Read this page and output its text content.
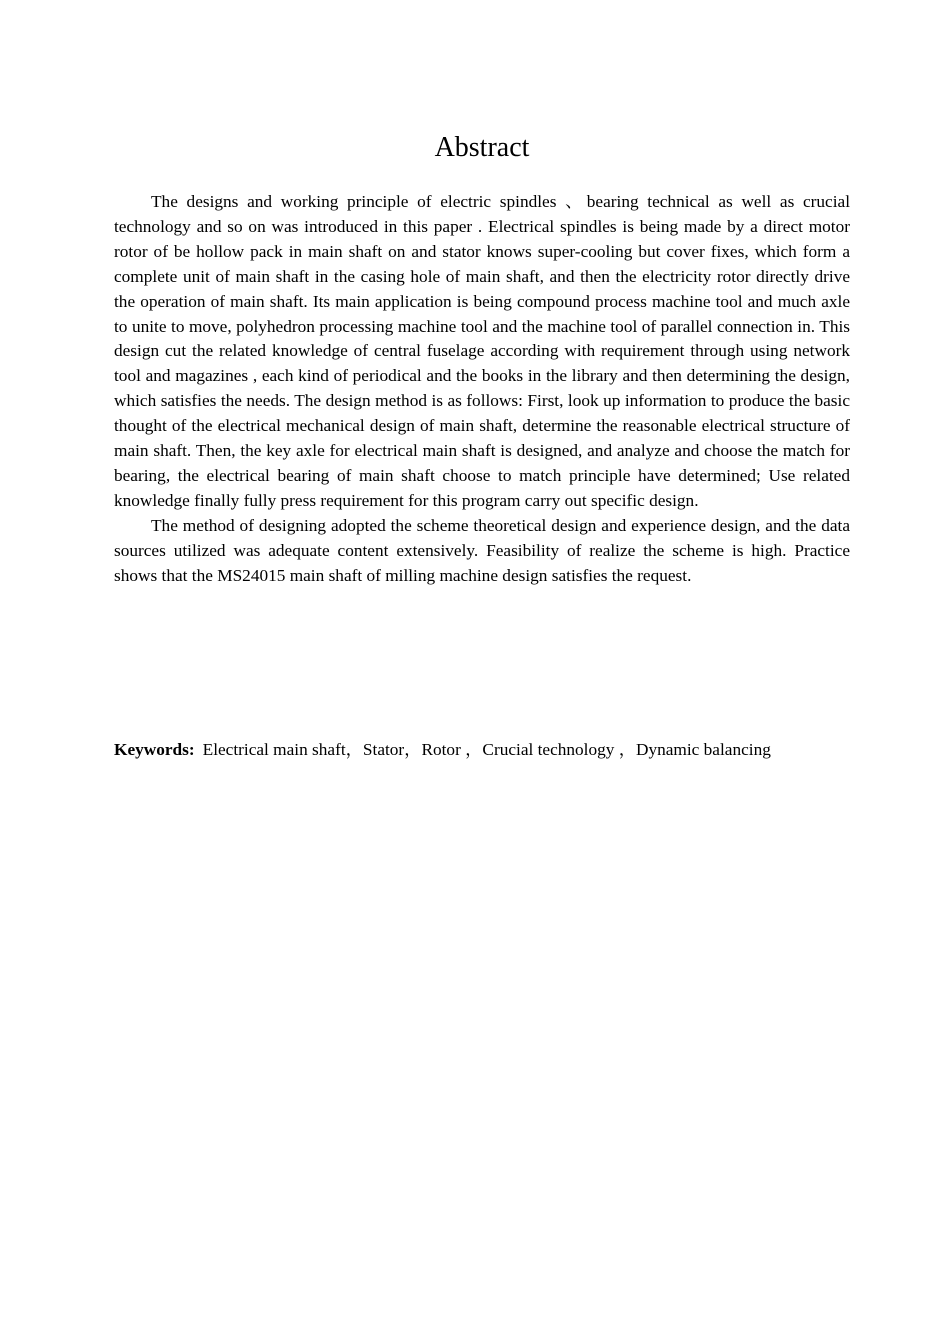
Abstract

The designs and working principle of electric spindles 、bearing technical as well as crucial technology and so on was introduced in this paper . Electrical spindles is being made by a direct motor rotor of be hollow pack in main shaft on and stator knows super-cooling but cover fixes, which form a complete unit of main shaft in the casing hole of main shaft, and then the electricity rotor directly drive the operation of main shaft. Its main application is being compound process machine tool and much axle to unite to move, polyhedron processing machine tool and the machine tool of parallel connection in. This design cut the related knowledge of central fuselage according with requirement through using network tool and magazines , each kind of periodical and the books in the library and then determining the design, which satisfies the needs. The design method is as follows: First, look up information to produce the basic thought of the electrical mechanical design of main shaft, determine the reasonable electrical structure of main shaft. Then, the key axle for electrical main shaft is designed, and analyze and choose the match for bearing, the electrical bearing of main shaft choose to match principle have determined; Use related knowledge finally fully press requirement for this program carry out specific design.

The method of designing adopted the scheme theoretical design and experience design, and the data sources utilized was adequate content extensively. Feasibility of realize the scheme is high. Practice shows that the MS24015 main shaft of milling machine design satisfies the request.

Keywords: Electrical main shaft，Stator，Rotor ，Crucial technology ，Dynamic balancing
